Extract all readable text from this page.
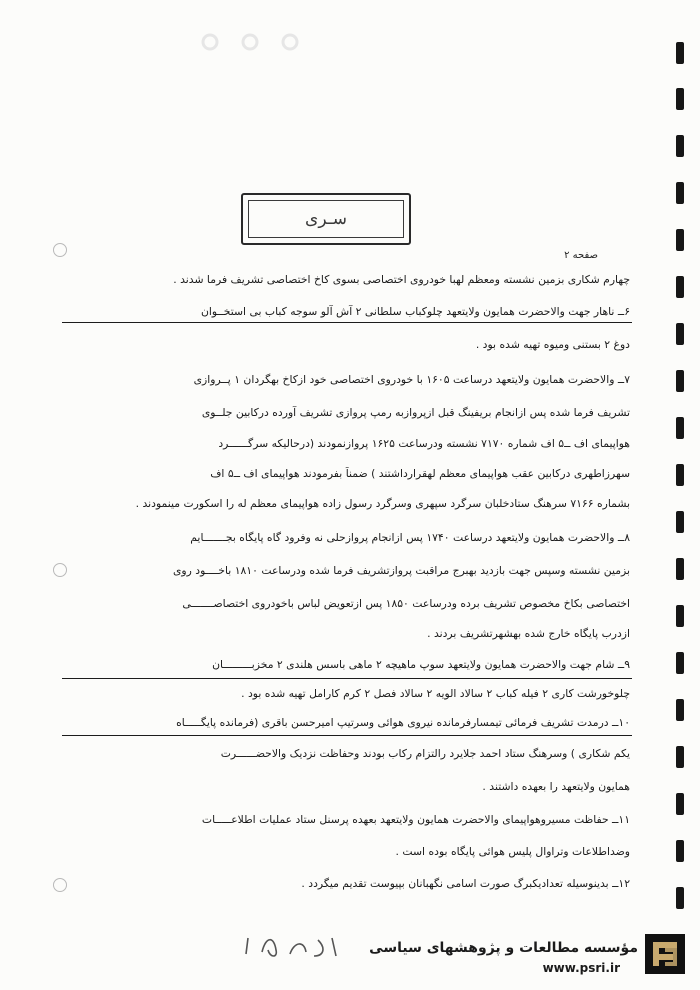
سـری
صفحه ۲
چهارم شکاری بزمین نشسته ومعظم لهبا خودروی اختصاصی بسوی کاخ اختصاصی تشریف فرما شدند .
۶ــ ناهار جهت والاحضرت همایون ولایتعهد چلوکباب سلطانی ۲ آش آلو سوجه کباب بی استخــوان
دوغ ۲ بستنی ومیوه تهیه شده بود .
۷ــ والاحضرت همایون ولایتعهد درساعت ۱۶۰۵ با خودروی اختصاصی خود ازکاخ بهگردان ۱ پــروازی
تشریف فرما شده پس ازانجام بریفینگ قبل ازپروازبه رمپ پروازی تشریف آورده درکابین جلــوی
هواپیمای اف ــ۵ اف شماره ۷۱۷۰ نشسته ودرساعت ۱۶۲۵ پروازنمودند (درحالیکه سرگــــــرد
سهرزاطهری درکابین عقب هواپیمای معظم لهقرارداشتند ) ضمناً بفرمودند هواپیمای اف ــ۵ اف
بشماره ۷۱۶۶ سرهنگ ستادخلبان سرگرد سپهری وسرگرد رسول زاده هواپیمای معظم له را اسکورت مینمودند .
۸ــ والاحضرت همایون ولایتعهد درساعت ۱۷۴۰ پس ازانجام پروازحلی نه وفرود گاه پایگاه بجـــــــایم
بزمین نشسته وسپس جهت بازدید بهبرج مراقبت پروازتشریف فرما شده ودرساعت ۱۸۱۰ باخــــود روی
اختصاصی بکاخ مخصوص تشریف برده ودرساعت ۱۸۵۰ پس ازتعویض لباس باخودروی اختصاصـــــــی
ازدرب پایگاه خارج شده بهشهرتشریف بردند .
۹ــ شام جهت والاحضرت همایون ولایتعهد سوپ ماهیچه ۲ ماهی باسس هلندی ۲ مخزبـــــــــان
چلوخورشت کاری ۲ فیله کباب ۲ سالاد الویه ۲ سالاد فصل ۲ کرم کارامل تهیه شده بود .
۱۰ــ درمدت تشریف فرمائی تیمسارفرمانده نیروی هوائی وسرتیپ امیرحسن باقری (فرمانده پایگـــــاه
یکم شکاری ) وسرهنگ ستاد احمد جلایرد رالتزام رکاب بودند وحفاظت نزدیک والاحضــــــرت
همایون ولایتعهد را بعهده داشتند .
۱۱ــ حفاظت مسیروهواپیمای والاحضرت همایون ولایتعهد بعهده پرسنل ستاد عملیات اطلاعـــــات
وضداطلاعات وتراوال پلیس هوائی پایگاه بوده است .
۱۲ــ بدینوسیله تعدادیکبرگ صورت اسامی نگهبانان بپیوست تقدیم میگردد .
مؤسسه مطالعات و پژوهشهای سیاسی
www.psri.ir
